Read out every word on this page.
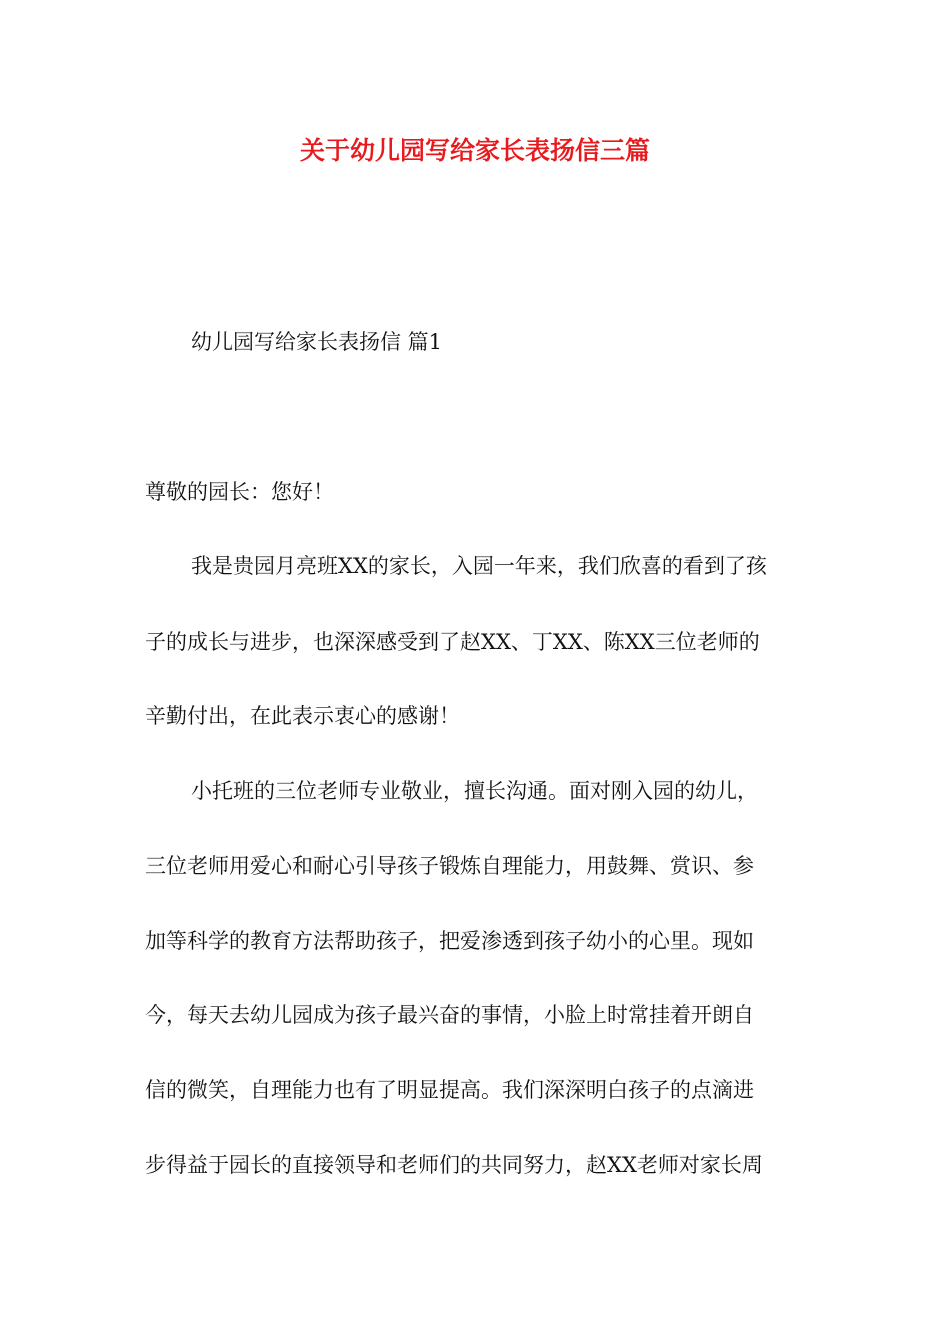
关于幼儿园写给家长表扬信三篇
幼儿园写给家长表扬信 篇1
尊敬的园长：您好！
我是贵园月亮班XX的家长，入园一年来，我们欣喜的看到了孩
子的成长与进步，也深深感受到了赵XX、丁XX、陈XX三位老师的
辛勤付出，在此表示衷心的感谢！
小托班的三位老师专业敬业，擅长沟通。面对刚入园的幼儿，
三位老师用爱心和耐心引导孩子锻炼自理能力，用鼓舞、赏识、参
加等科学的教育方法帮助孩子，把爱渗透到孩子幼小的心里。现如
今，每天去幼儿园成为孩子最兴奋的事情，小脸上时常挂着开朗自
信的微笑，自理能力也有了明显提高。我们深深明白孩子的点滴进
步得益于园长的直接领导和老师们的共同努力，赵XX老师对家长周
